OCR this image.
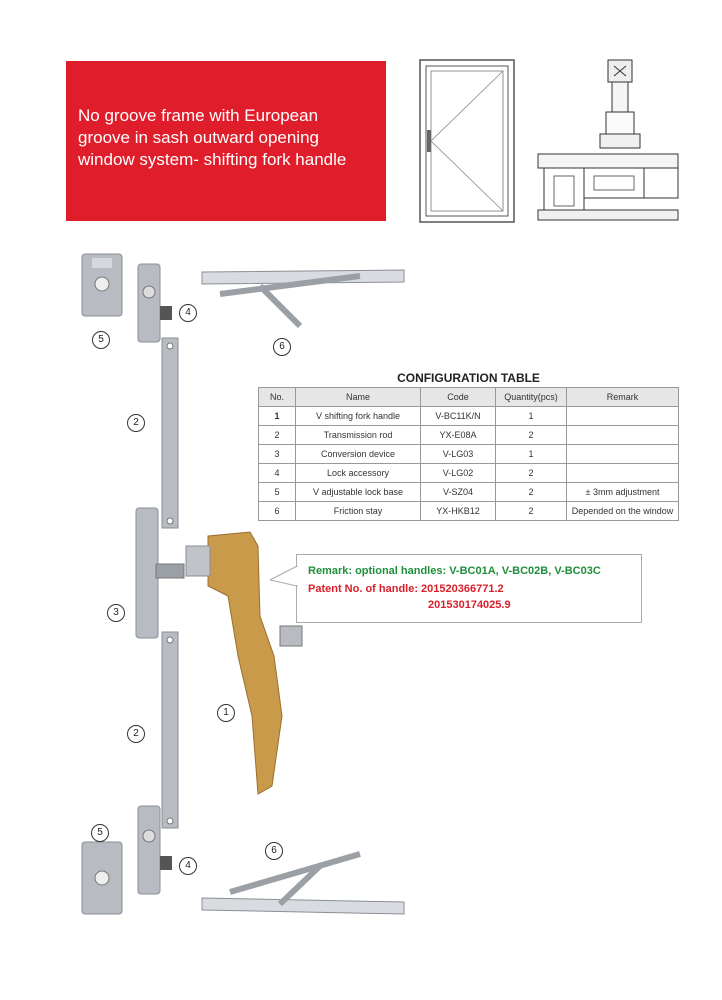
No groove frame with European
groove in sash outward opening
window system- shifting fork handle
5
4
6
2
3
1
2
5
6
4
CONFIGURATION TABLE
No.	Name	Code	Quantity(pcs)	Remark
1	V shifting fork handle	V-BC11K/N	1	
2	Transmission rod	YX-E08A	2	
3	Conversion device	V-LG03	1	
4	Lock accessory	V-LG02	2	
5	V adjustable lock base	V-SZ04	2	± 3mm adjustment
6	Friction stay	YX-HKB12	2	Depended on the window
Remark: optional handles: V-BC01A, V-BC02B, V-BC03C
Patent No. of handle: 201520366771.2
201530174025.9
